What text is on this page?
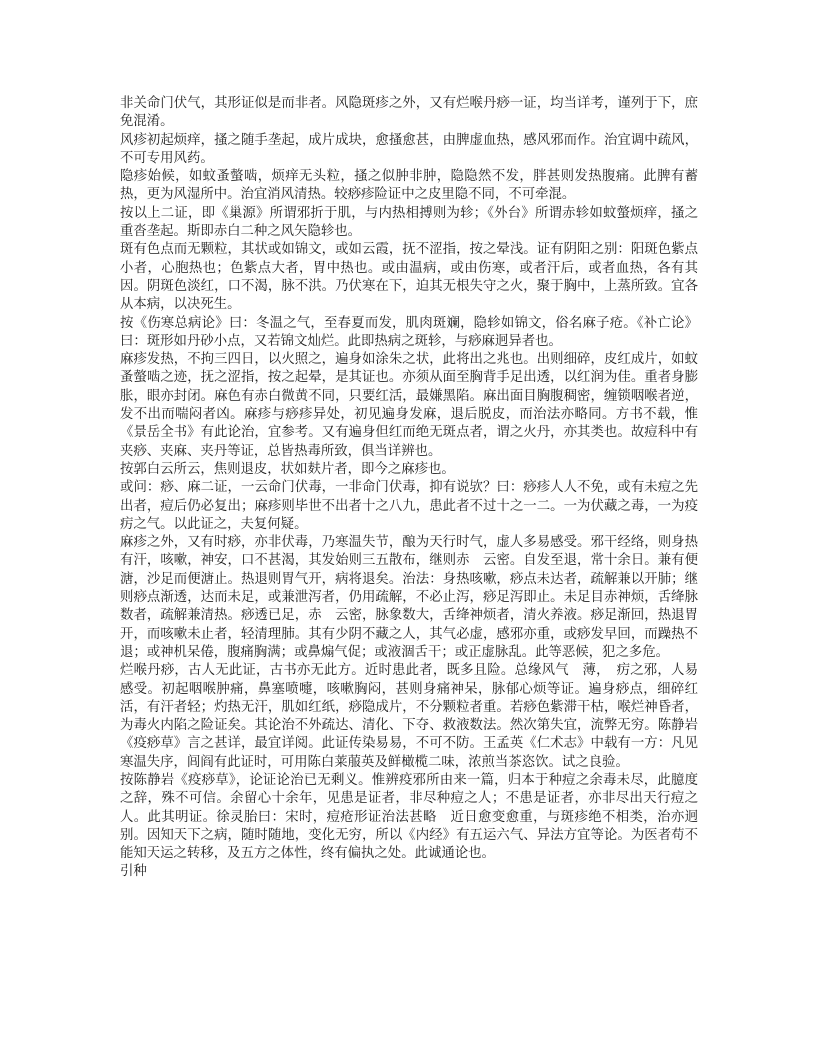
非关命门伏气，其形证似是而非者。风隐斑疹之外，又有烂喉丹痧一证，均当详考，谨列于下，庶免混淆。

风疹初起烦痒，搔之随手垄起，成片成块，愈搔愈甚，由脾虚血热，感风邪而作。治宜调中疏风，不可专用风药。

隐疹始候，如蚊蚤螫啮，烦痒无头粒，搔之似肿非肿，隐隐然不发，胖甚则发热腹痛。此脾有蓄热，更为风湿所中。治宜消风清热。较痧疹险证中之皮里隐不同，不可牵混。

按以上二证，即《巢源》所谓邪折于肌，与内热相搏则为轸；《外台》所谓赤轸如蚊螫烦痒，搔之重沓垄起。斯即赤白二种之风矢隐轸也。

斑有色点而无颗粒，其状或如锦文，或如云霞，抚不涩指，按之晕浅。证有阴阳之别：阳斑色紫点小者，心胞热也；色紫点大者，胃中热也。或由温病，或由伤寒，或者汗后，或者血热，各有其因。阴斑色淡红，口不渴，脉不洪。乃伏寒在下，迫其无根失守之火，聚于胸中，上蒸所致。宜各从本病，以决死生。

按《伤寒总病论》曰：冬温之气，至春夏而发，肌肉斑斓，隐轸如锦文，俗名麻子疮。《补亡论》曰：斑形如丹砂小点，又若锦文灿烂。此即热病之斑轸，与痧麻迥异者也。

麻疹发热，不拘三四日，以火照之，遍身如涂朱之状，此将出之兆也。出则细碎，皮红成片，如蚊蚤螫啮之迹，抚之涩指，按之起晕，是其证也。亦须从面至胸背手足出透，以红润为佳。重者身膨胀，眼亦封闭。麻色有赤白微黄不同，只要红活，最嫌黑陷。麻出面目胸腹稠密，缠锁咽喉者逆，发不出而喘闷者凶。麻疹与痧疹异处，初见遍身发麻，退后脱皮，而治法亦略同。方书不载，惟《景岳全书》有此论治，宜参考。又有遍身但红而绝无斑点者，谓之火丹，亦其类也。故痘科中有夹痧、夹麻、夹丹等证，总皆热毒所致，俱当详辨也。

按郭白云所云，焦则退皮，状如麸片者，即今之麻疹也。

或问：痧、麻二证，一云命门伏毒，一非命门伏毒，抑有说欤？曰：痧疹人人不免，或有未痘之先出者，痘后仍必复出；麻疹则毕世不出者十之八九，患此者不过十之一二。一为伏藏之毒，一为疫疠之气。以此证之，夫复何疑。

麻疹之外，又有时痧，亦非伏毒，乃寒温失节，酿为天行时气，虚人多易感受。邪干经络，则身热有汗，咳嗽，神安，口不甚渴，其发始则三五散布，继则赤　云密。自发至退，常十余日。兼有便溏，沙足而便溏止。热退则胃气开，病将退矣。治法：身热咳嗽，痧点未达者，疏解兼以开肺；继则痧点渐透，达而未足，或兼泄泻者，仍用疏解，不必止泻，痧足泻即止。未足目赤神烦，舌绛脉数者，疏解兼清热。痧透已足，赤　云密，脉象数大，舌绛神烦者，清火养液。痧足渐回，热退胃开，而咳嗽未止者，轻清理肺。其有少阴不藏之人，其气必虚，感邪亦重，或痧发早回，而躁热不退；或神机呆倦，腹痛胸满；或鼻煽气促；或液涸舌干；或正虚脉乱。此等恶候，犯之多危。

烂喉丹痧，古人无此证，古书亦无此方。近时患此者，既多且险。总缘风气　薄，　疠之邪，人易感受。初起咽喉肿痛，鼻塞喷嚏，咳嗽胸闷，甚则身痛神呆，脉郁心烦等证。遍身痧点，细碎红活，有汗者轻；灼热无汗，肌如红纸，痧隐成片，不分颗粒者重。若痧色紫滞干枯，喉烂神昏者，为毒火内陷之险证矣。其论治不外疏达、清化、下夺、救液数法。然次第失宜，流弊无穷。陈静岩《疫痧草》言之甚详，最宜详阅。此证传染易易，不可不防。王孟英《仁术志》中载有一方：凡见寒温失序，闾阎有此证时，可用陈白莱菔英及鲜橄榄二味，浓煎当茶恣饮。试之良验。

按陈静岩《疫痧草》，论证论治已无剩义。惟辨疫邪所由来一篇，归本于种痘之余毒未尽，此臆度之辞，殊不可信。余留心十余年，见患是证者，非尽种痘之人；不患是证者，亦非尽出天行痘之人。此其明证。徐灵胎曰：宋时，痘疮形证治法甚略　近日愈变愈重，与斑疹绝不相类，治亦迥别。因知天下之病，随时随地，变化无穷，所以《内经》有五运六气、异法方宜等论。为医者苟不能知天运之转移，及五方之体性，终有偏执之处。此诚通论也。

引种
